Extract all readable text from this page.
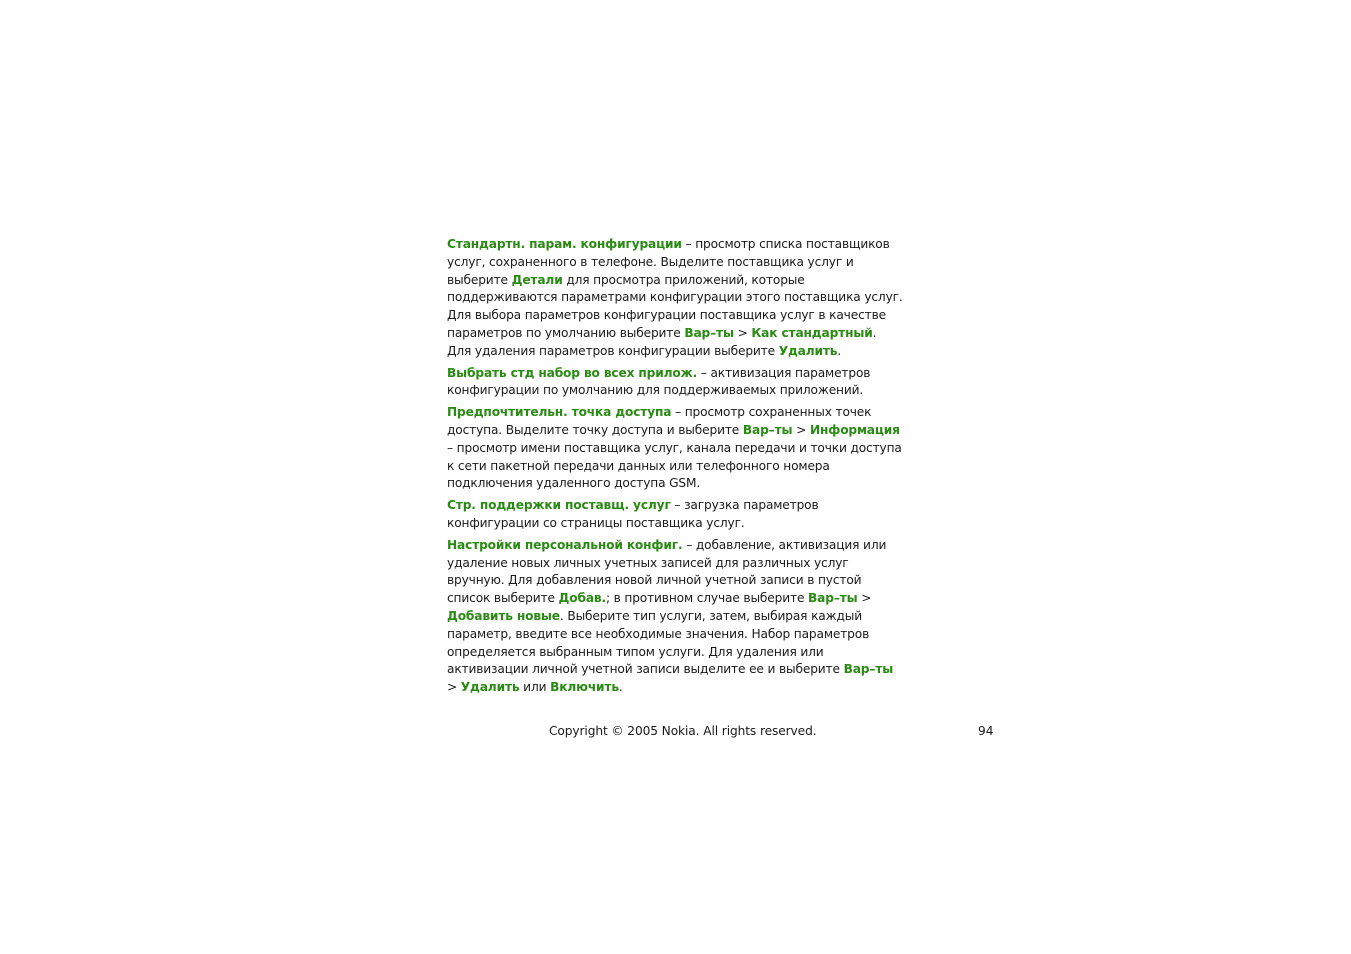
Стандартн. парам. конфигурации – просмотр списка поставщиков услуг, сохраненного в телефоне. Выделите поставщика услуг и выберите Детали для просмотра приложений, которые поддерживаются параметрами конфигурации этого поставщика услуг. Для выбора параметров конфигурации поставщика услуг в качестве параметров по умолчанию выберите Вар–ты > Как стандартный. Для удаления параметров конфигурации выберите Удалить.

Выбрать стд набор во всех прилож. – активизация параметров конфигурации по умолчанию для поддерживаемых приложений.

Предпочтительн. точка доступа – просмотр сохраненных точек доступа. Выделите точку доступа и выберите Вар–ты > Информация – просмотр имени поставщика услуг, канала передачи и точки доступа к сети пакетной передачи данных или телефонного номера подключения удаленного доступа GSM.

Стр. поддержки поставщ. услуг – загрузка параметров конфигурации со страницы поставщика услуг.

Настройки персональной конфиг. – добавление, активизация или удаление новых личных учетных записей для различных услуг вручную. Для добавления новой личной учетной записи в пустой список выберите Добав.; в противном случае выберите Вар–ты > Добавить новые. Выберите тип услуги, затем, выбирая каждый параметр, введите все необходимые значения. Набор параметров определяется выбранным типом услуги. Для удаления или активизации личной учетной записи выделите ее и выберите Вар–ты > Удалить или Включить.

Copyright © 2005 Nokia. All rights reserved.	94
